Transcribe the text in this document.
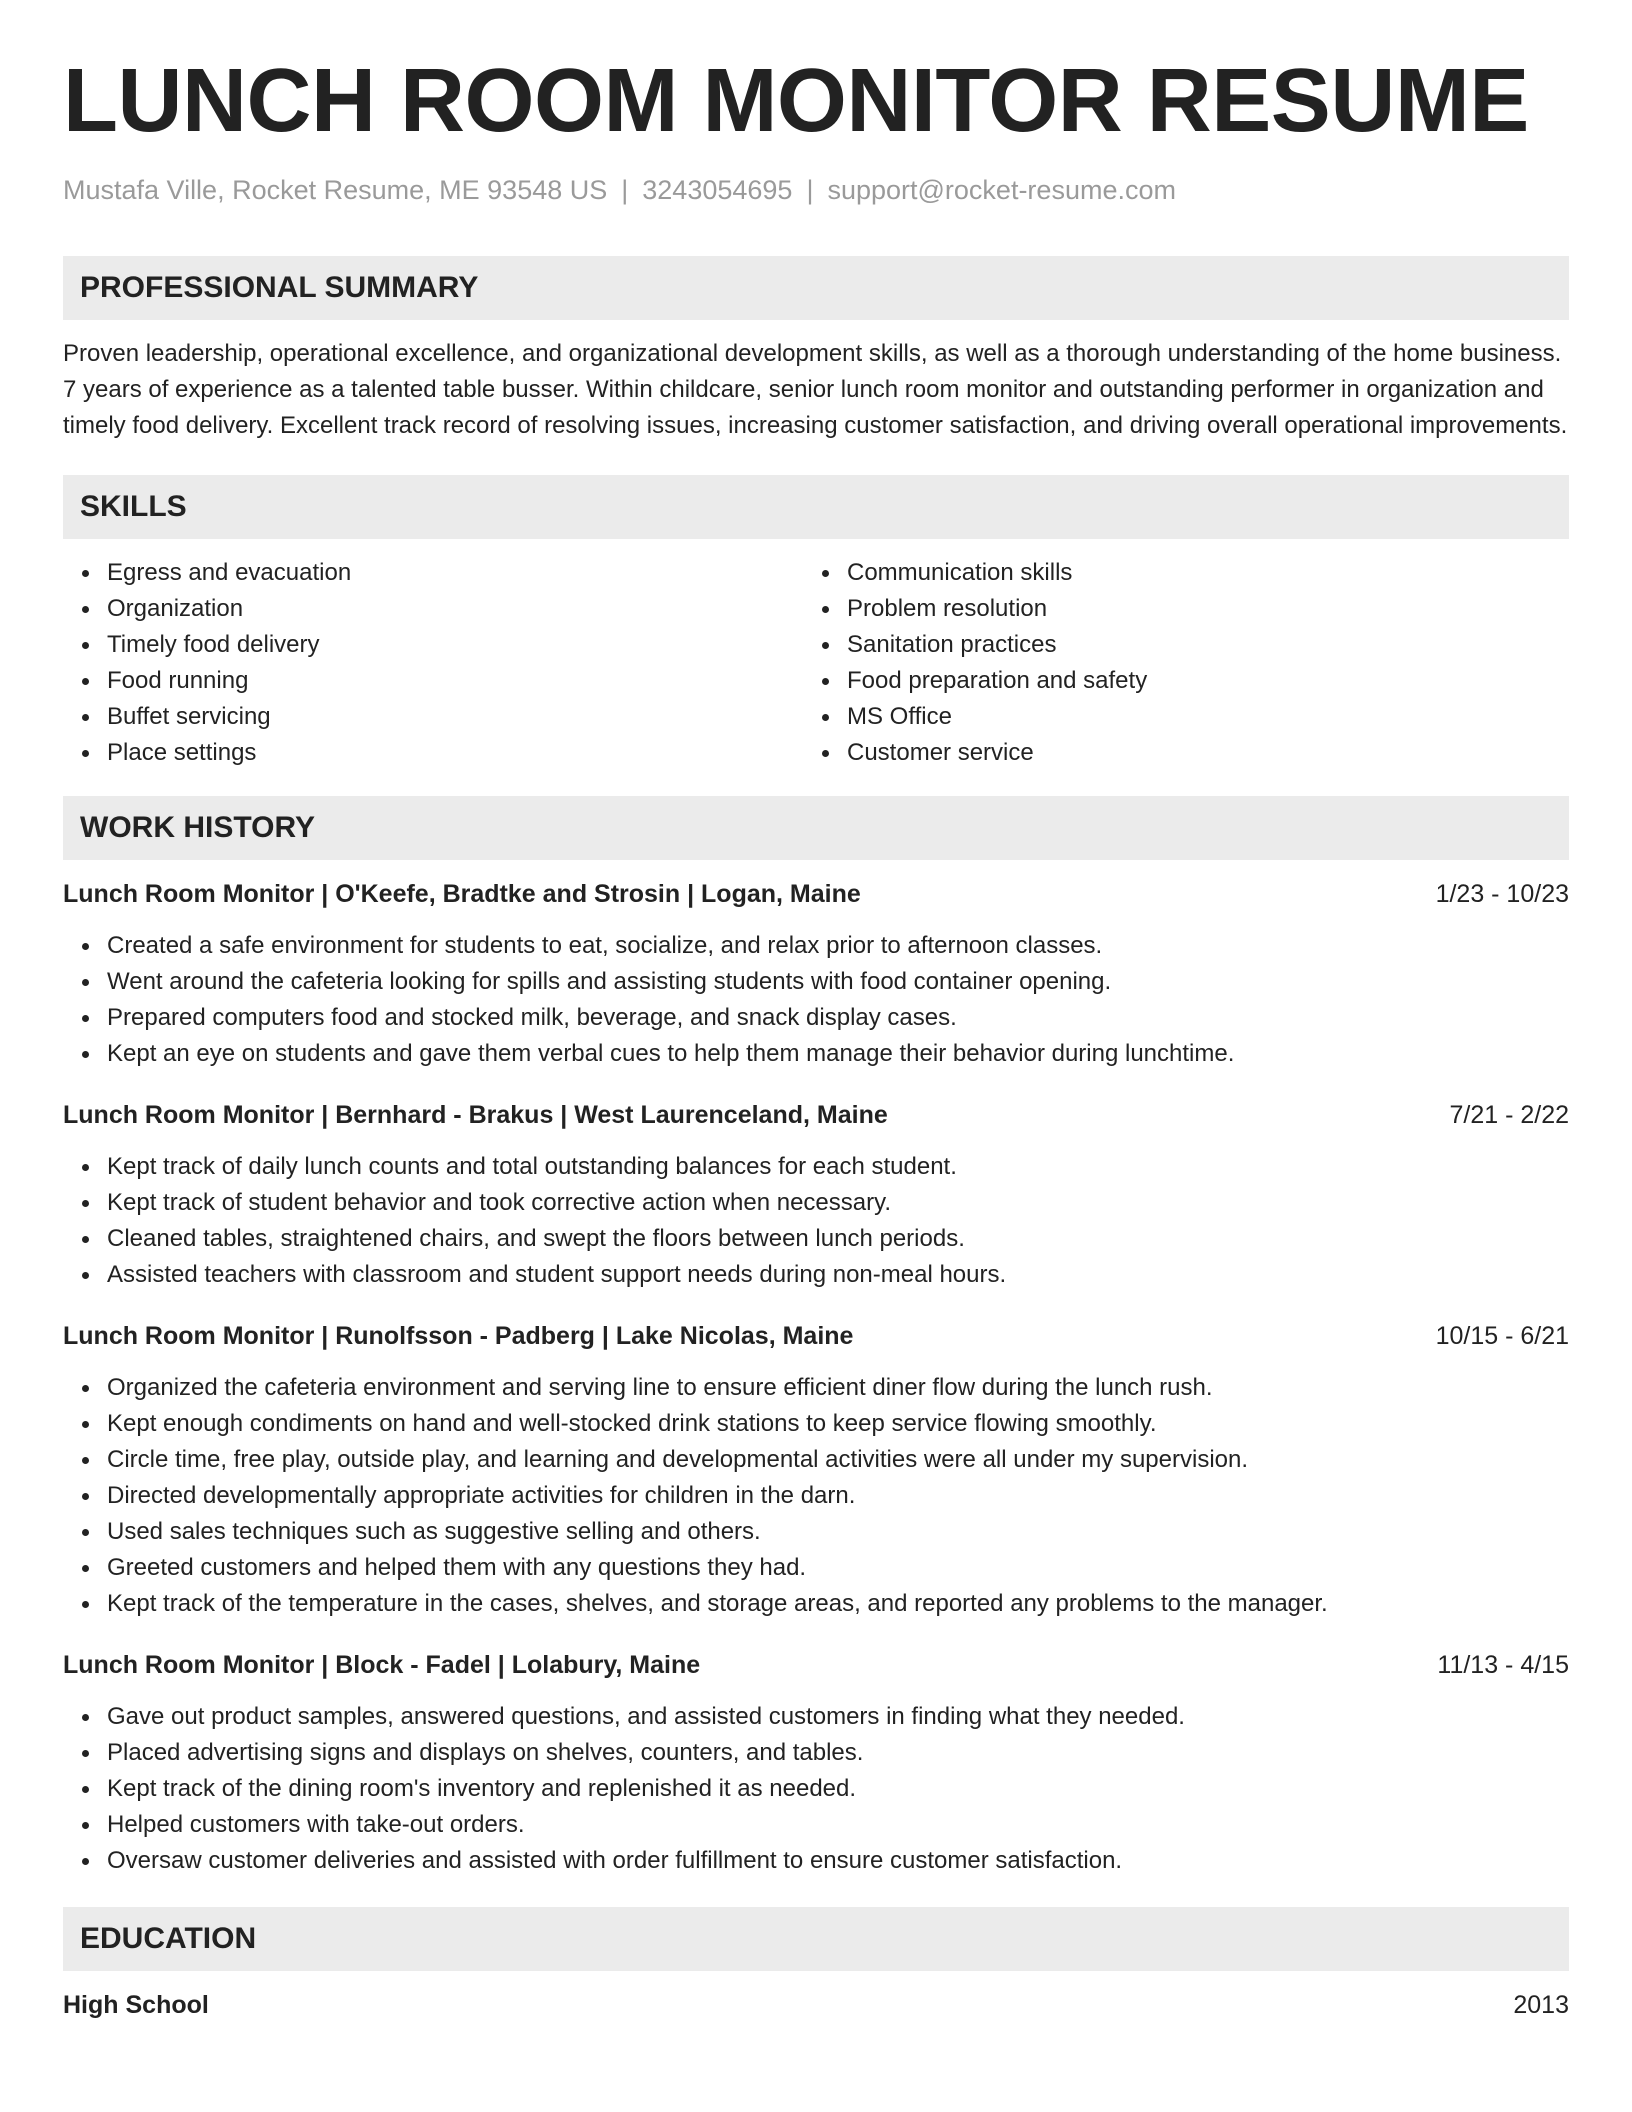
LUNCH ROOM MONITOR RESUME
Mustafa Ville, Rocket Resume, ME 93548 US | 3243054695 | support@rocket-resume.com
PROFESSIONAL SUMMARY

Proven leadership, operational excellence, and organizational development skills, as well as a thorough understanding of the home business. 7 years of experience as a talented table busser. Within childcare, senior lunch room monitor and outstanding performer in organization and timely food delivery. Excellent track record of resolving issues, increasing customer satisfaction, and driving overall operational improvements.

SKILLS
Egress and evacuation
Organization
Timely food delivery
Food running
Buffet servicing
Place settings
Communication skills
Problem resolution
Sanitation practices
Food preparation and safety
MS Office
Customer service
WORK HISTORY
Lunch Room Monitor | O'Keefe, Bradtke and Strosin | Logan, Maine	1/23 - 10/23
Created a safe environment for students to eat, socialize, and relax prior to afternoon classes.
Went around the cafeteria looking for spills and assisting students with food container opening.
Prepared computers food and stocked milk, beverage, and snack display cases.
Kept an eye on students and gave them verbal cues to help them manage their behavior during lunchtime.
Lunch Room Monitor | Bernhard - Brakus | West Laurenceland, Maine	7/21 - 2/22
Kept track of daily lunch counts and total outstanding balances for each student.
Kept track of student behavior and took corrective action when necessary.
Cleaned tables, straightened chairs, and swept the floors between lunch periods.
Assisted teachers with classroom and student support needs during non-meal hours.
Lunch Room Monitor | Runolfsson - Padberg | Lake Nicolas, Maine	10/15 - 6/21
Organized the cafeteria environment and serving line to ensure efficient diner flow during the lunch rush.
Kept enough condiments on hand and well-stocked drink stations to keep service flowing smoothly.
Circle time, free play, outside play, and learning and developmental activities were all under my supervision.
Directed developmentally appropriate activities for children in the darn.
Used sales techniques such as suggestive selling and others.
Greeted customers and helped them with any questions they had.
Kept track of the temperature in the cases, shelves, and storage areas, and reported any problems to the manager.
Lunch Room Monitor | Block - Fadel | Lolabury, Maine	11/13 - 4/15
Gave out product samples, answered questions, and assisted customers in finding what they needed.
Placed advertising signs and displays on shelves, counters, and tables.
Kept track of the dining room's inventory and replenished it as needed.
Helped customers with take-out orders.
Oversaw customer deliveries and assisted with order fulfillment to ensure customer satisfaction.
EDUCATION
High School	2013
